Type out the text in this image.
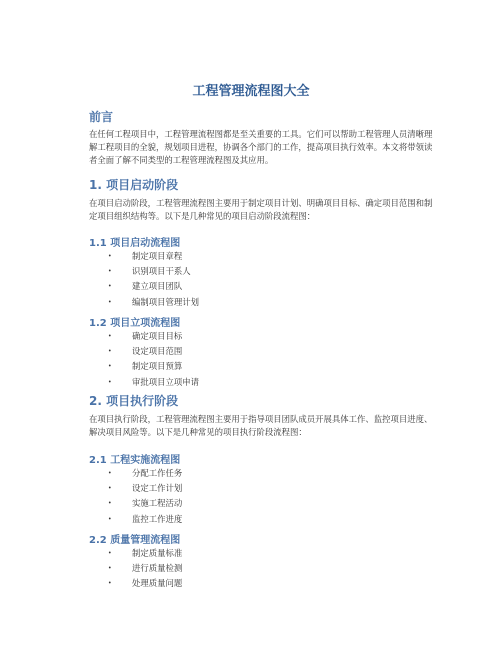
工程管理流程图大全
前言
在任何工程项目中，工程管理流程图都是至关重要的工具。它们可以帮助工程管理人员清晰理解工程项目的全貌，规划项目进程，协调各个部门的工作，提高项目执行效率。本文将带领读者全面了解不同类型的工程管理流程图及其应用。
1. 项目启动阶段
在项目启动阶段，工程管理流程图主要用于制定项目计划、明确项目目标、确定项目范围和制定项目组织结构等。以下是几种常见的项目启动阶段流程图：
1.1 项目启动流程图
• 制定项目章程
• 识别项目干系人
• 建立项目团队
• 编制项目管理计划
1.2 项目立项流程图
• 确定项目目标
• 设定项目范围
• 制定项目预算
• 审批项目立项申请
2. 项目执行阶段
在项目执行阶段，工程管理流程图主要用于指导项目团队成员开展具体工作、监控项目进度、解决项目风险等。以下是几种常见的项目执行阶段流程图：
2.1 工程实施流程图
• 分配工作任务
• 设定工作计划
• 实施工程活动
• 监控工作进度
2.2 质量管理流程图
• 制定质量标准
• 进行质量检测
• 处理质量问题
